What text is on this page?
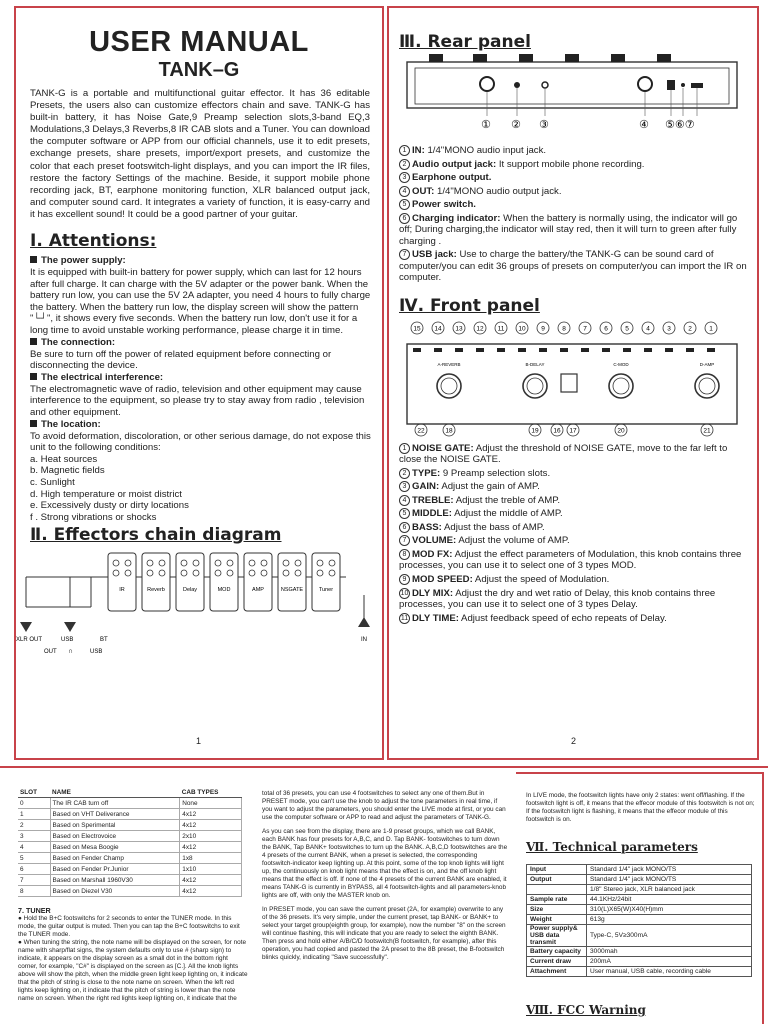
USER MANUAL
TANK–G
TANK-G is a portable and multifunctional guitar effector. It has 36 editable Presets, the users also can customize effectors chain and save. TANK-G has built-in battery, it has Noise Gate,9 Preamp selection slots,3-band EQ,3 Modulations,3 Delays,3 Reverbs,8 IR CAB slots and a Tuner. You can download the computer software or APP from our official channels, use it to edit presets, exchange presets, share presets, import/export presets, and customize the color that each preset footswitch-light displays, and you can import the IR files, restore the factory Settings of the machine. Beside, it support mobile phone recording jack, BT, earphone monitoring function, XLR balanced output jack, and computer sound card. It integrates a variety of function, it is easy-carry and it has excellent sound! It could be a good partner of your guitar.
Ⅰ. Attentions:
The power supply:
It is equipped with built-in battery for power supply, which can last for 12 hours after full charge. It can charge with the 5V adapter or the power bank. When the battery run low, you can use the 5V 2A adapter, you need 4 hours to fully charge the battery. When the battery run low, the display screen will show the pattern "└┘", it shows every five seconds. When the battery run low, don't use it for a long time to avoid unstable working performance, please charge it in time.
The connection:
Be sure to turn off the power of related equipment before connecting or disconnecting the device.
The electrical interference:
The electromagnetic wave of radio, television and other equipment may cause interference to the equipment, so please try to stay away from radio , television and other equipment.
The location:
To avoid deformation, discoloration, or other serious damage, do not expose this unit to the following conditions:
a. Heat sources
b. Magnetic fields
c. Sunlight
d. High temperature or moist district
e. Excessively dusty or dirty locations
f . Strong vibrations or shocks
Ⅱ. Effectors chain diagram
IR	Reverb	Delay	MOD	AMP	NSGATE	Tuner
XLR OUT	USB	BT	IN
OUT ∩	USB
1
Ⅲ. Rear panel
① ② ③	④ ⑤⑥⑦
1 IN: 1/4"MONO audio input jack.
2 Audio output jack: It support mobile phone recording.
3 Earphone output.
4 OUT: 1/4"MONO audio output jack.
5 Power switch.
6 Charging indicator: When the battery is normally using, the indicator will go off; During charging,the indicator will stay red, then it will turn to green after fully charging .
7 USB jack: Use to charge the battery/the TANK-G can be sound card of computer/you can edit 36 groups of presets on computer/you can import the IR on computer.
Ⅳ. Front panel
15 14 13 12 11 10 9	8	7	6	5	4	3	2	1
A-REVERB	B-DELAY	C-MOD	D-AMP
22	18	19 16 17	20	21
1 NOISE GATE: Adjust the threshold of NOISE GATE, move to the far left to close the NOISE GATE.
2 TYPE: 9 Preamp selection slots.
3 GAIN: Adjust the gain of AMP.
4 TREBLE: Adjust the treble of AMP.
5 MIDDLE: Adjust the middle of AMP.
6 BASS: Adjust the bass of AMP.
7 VOLUME: Adjust the volume of AMP.
8 MOD FX: Adjust the effect parameters of Modulation, this knob contains three processes, you can use it to select one of 3 types MOD.
9 MOD SPEED: Adjust the speed of Modulation.
10 DLY MIX: Adjust the dry and wet ratio of Delay, this knob contains three processes, you can use it to select one of 3 types Delay.
11 DLY TIME: Adjust feedback speed of echo repeats of Delay.
2
SLOT	NAME	CAB TYPES
0	The IR CAB turn off	None
1	Based on VHT Deliverance	4x12
2	Based on Sperimental	4x12
3	Based on Electrovoice	2x10
4	Based on Mesa Boogie	4x12
5	Based on Fender Champ	1x8
6	Based on Fender Pr.Junior	1x10
7	Based on Marshall 1960V30	4x12
8	Based on Diezel V30	4x12
7. TUNER
● Hold the B+C footswitchs for 2 seconds to enter the TUNER mode. In this mode, the guitar output is muted. Then you can tap the B+C footswitchs to exit the TUNER mode.
● When tuning the string, the note name will be displayed on the screen, for note name with sharp/flat signs, the system defaults only to use # (sharp sign) to indicate, it appears on the display screen as a small dot in the bottom right corner, for example, "C#" is displayed on the screen as [C.]. All the knob lights above will show the pitch, when the middle green light keep lighting on, it indicate that the pitch of string is close to the note name on screen. When the left red lights keep lighting on, it indicate that the pitch of string is lower than the note name on screen. When the right red lights keep lighting on, it indicate that the
total of 36 presets, you can use 4 footswitches to select any one of them.But in PRESET mode, you can't use the knob to adjust the tone parameters in real time, if you want to adjust the parameters, you should enter the LIVE mode at first, or you can use the computer software or APP to read and adjust the parameters of TANK-G.
As you can see from the display, there are 1-9 preset groups, which we call BANK, each BANK has four presets for A,B,C, and D. Tap BANK- footswitches to turn down the BANK, Tap BANK+ footswitches to turn up the BANK. A,B,C,D footswitches are the 4 presets of the current BANK, when a preset is selected, the corresponding footswitch-indicator keep lighting up. At this point, some of the top knob lights will light up, the continuously on knob light means that the effect is on, and the off knob light means that the effect is off. If none of the 4 presets of the current BANK are enabled, it means TANK-G is currently in BYPASS, all 4 footswitch-lights and all parameters-knob lights are off, with only the MASTER knob on.
In PRESET mode, you can save the current preset (2A, for example) overwrite to any of the 36 presets. It's very simple, under the current preset, tap BANK- or BANK+ to select your target group(eighth group, for example), now the number "8" on the screen will continue flashing, this will indicate that you are ready to select the eighth BANK. Then press and hold either A/B/C/D footswitch(B footswitch, for example), after this operation, you had copied and pasted the 2A preset to the 8B preset, the B-footswitch blinks quickly, indicating "Save successfully".
In LIVE mode, the footswitch lights have only 2 states: went off/flashing. If the footswitch light is off, it means that the effecor module of this footswitch is not on; If the footswitch light is flashing, it means that the effecor module of this footswitch is on.
Ⅶ. Technical parameters
Input	Standard 1/4" jack MONO/TS
Output	Standard 1/4" jack MONO/TS
	1/8" Stereo jack, XLR balanced jack
Sample rate	44.1KHz/24bit
Size	310(L)X65(W)X40(H)mm
Weight	613g
Power supply& USB data transmit	Type-C, 5V≥300mA
Battery capacity	3000mah
Current draw	200mA
Attachment	User manual, USB cable, recording cable
Ⅷ. FCC Warning
